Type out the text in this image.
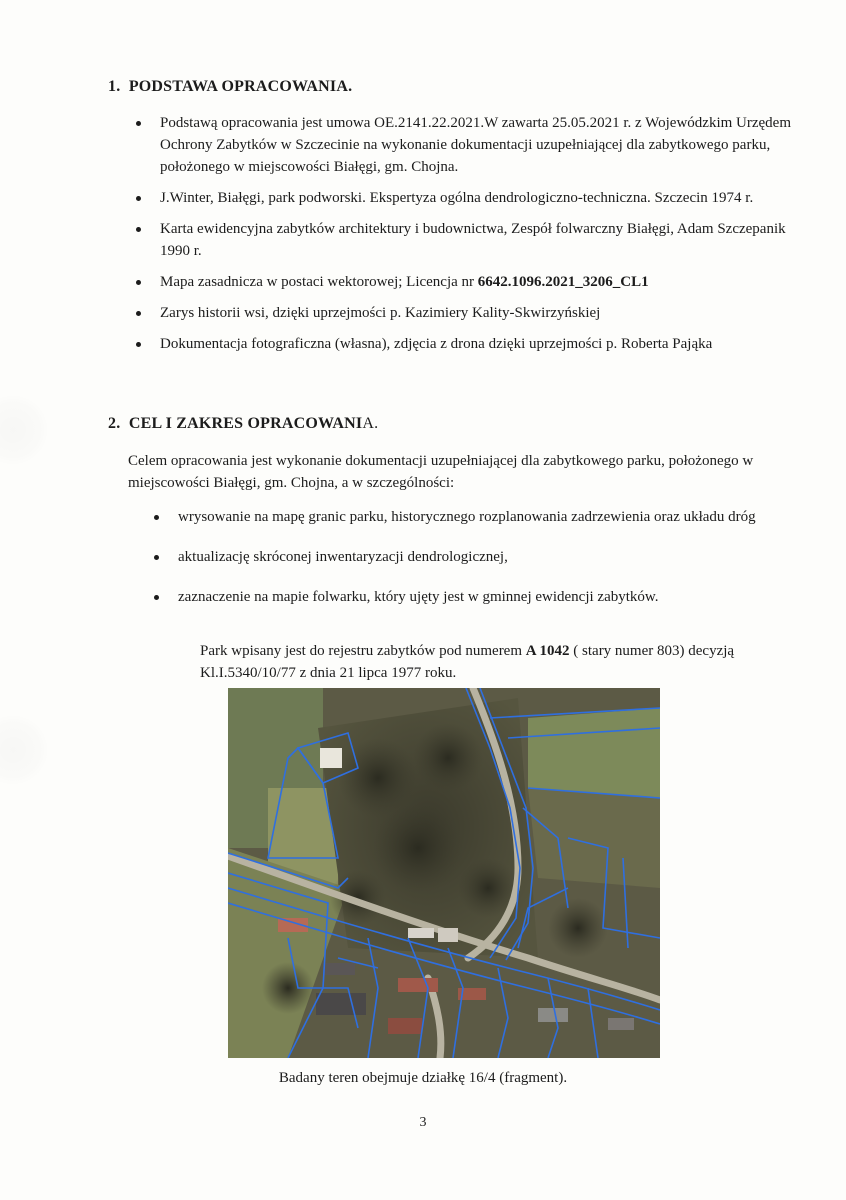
1. PODSTAWA OPRACOWANIA.
Podstawą opracowania jest umowa OE.2141.22.2021.W zawarta 25.05.2021 r. z Wojewódzkim Urzędem Ochrony Zabytków w Szczecinie na wykonanie dokumentacji uzupełniającej dla zabytkowego parku, położonego w miejscowości Białęgi, gm. Chojna.
J.Winter, Białęgi, park podworski. Ekspertyza ogólna dendrologiczno-techniczna. Szczecin 1974 r.
Karta ewidencyjna zabytków architektury i budownictwa, Zespół folwarczny Białęgi, Adam Szczepanik 1990 r.
Mapa zasadnicza w postaci wektorowej; Licencja nr 6642.1096.2021_3206_CL1
Zarys historii wsi, dzięki uprzejmości p. Kazimiery Kality-Skwirzyńskiej
Dokumentacja fotograficzna (własna), zdjęcia z drona dzięki uprzejmości p. Roberta Pająka
2. CEL I ZAKRES OPRACOWANIA.
Celem opracowania jest wykonanie dokumentacji uzupełniającej dla zabytkowego parku, położonego w miejscowości Białęgi, gm. Chojna, a w szczególności:
wrysowanie na mapę granic parku, historycznego rozplanowania zadrzewienia oraz układu dróg
aktualizację skróconej inwentaryzacji dendrologicznej,
zaznaczenie na mapie folwarku, który ujęty jest w gminnej ewidencji zabytków.
Park wpisany jest do rejestru zabytków pod numerem A 1042 ( stary numer 803) decyzją Kl.I.5340/10/77 z dnia 21 lipca 1977 roku.
Badany teren obejmuje działkę 16/4 (fragment).
3
